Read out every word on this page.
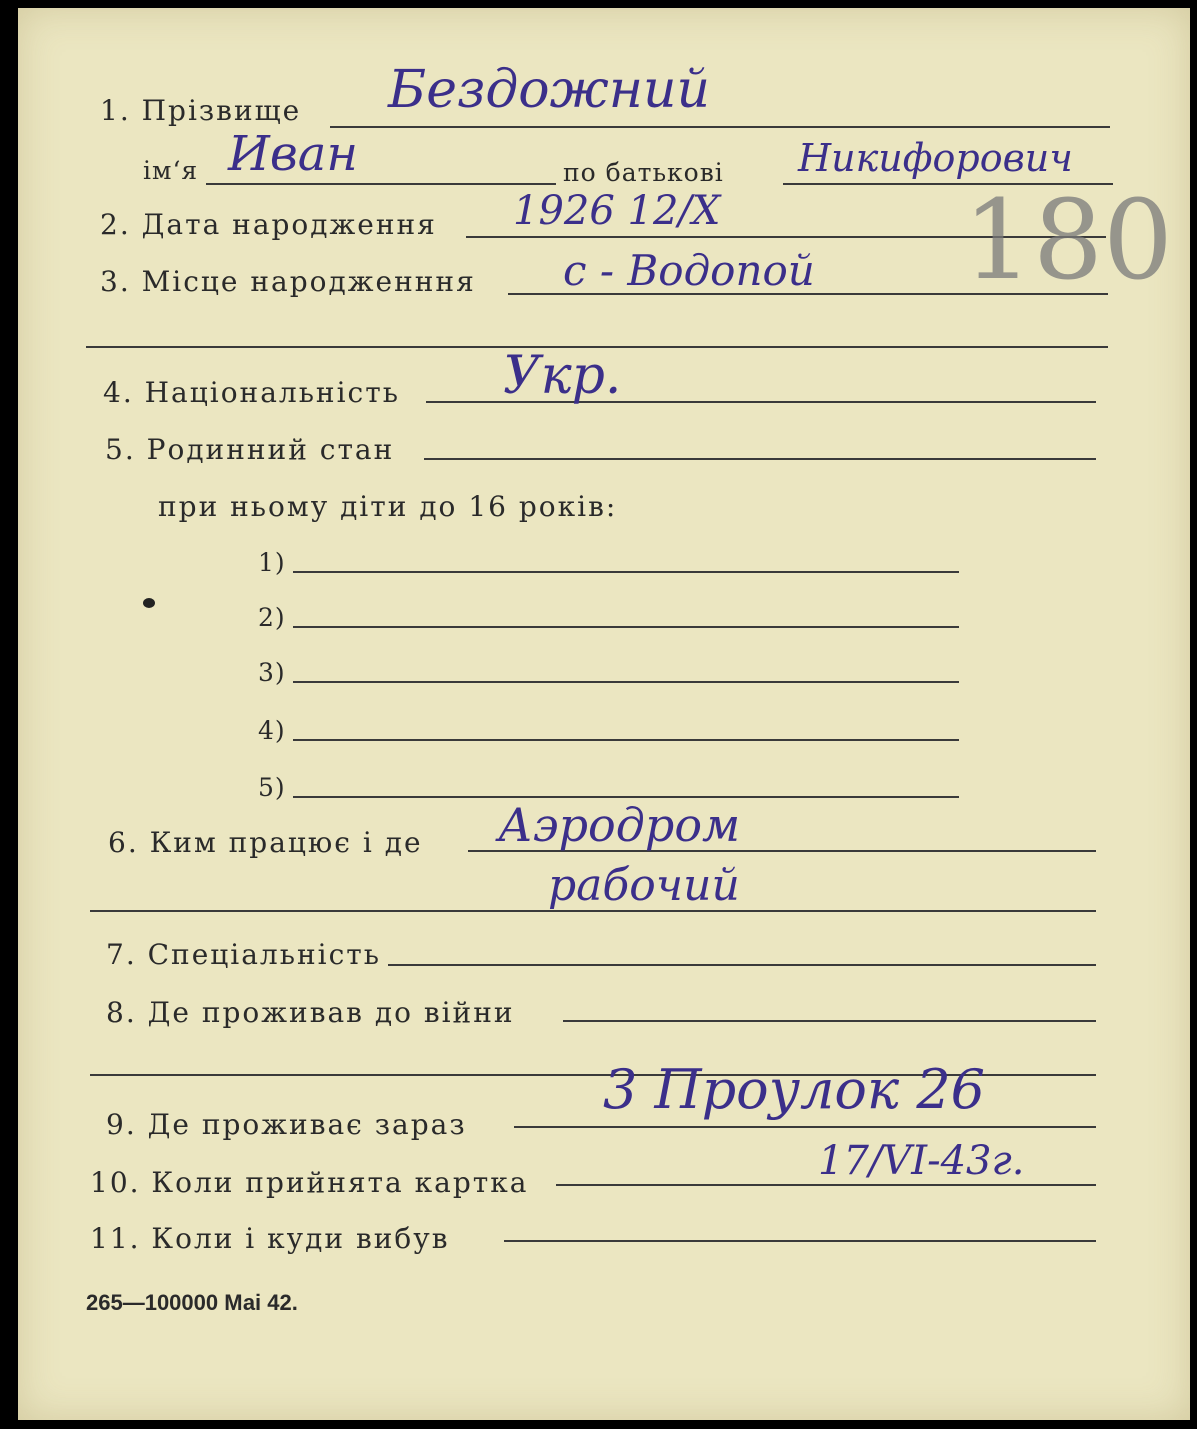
1. Прізвище Бездожний
ім‘я Иван	по батькові Никифорович
2. Дата народження 1926 12/X
3. Місце народженння с - Водопой
4. Національність Укр.
5. Родинний стан
при ньому діти до 16 років:
1)
2)
3)
4)
5)
6. Ким працює і де Аэродром
рабочий
7. Спеціальність
8. Де проживав до війни
9. Де проживає зараз
3 Проулок 26
10. Коли прийнята картка	17/VI-43г.
11. Коли і куди вибув
265—100000 Маі 42.
180
